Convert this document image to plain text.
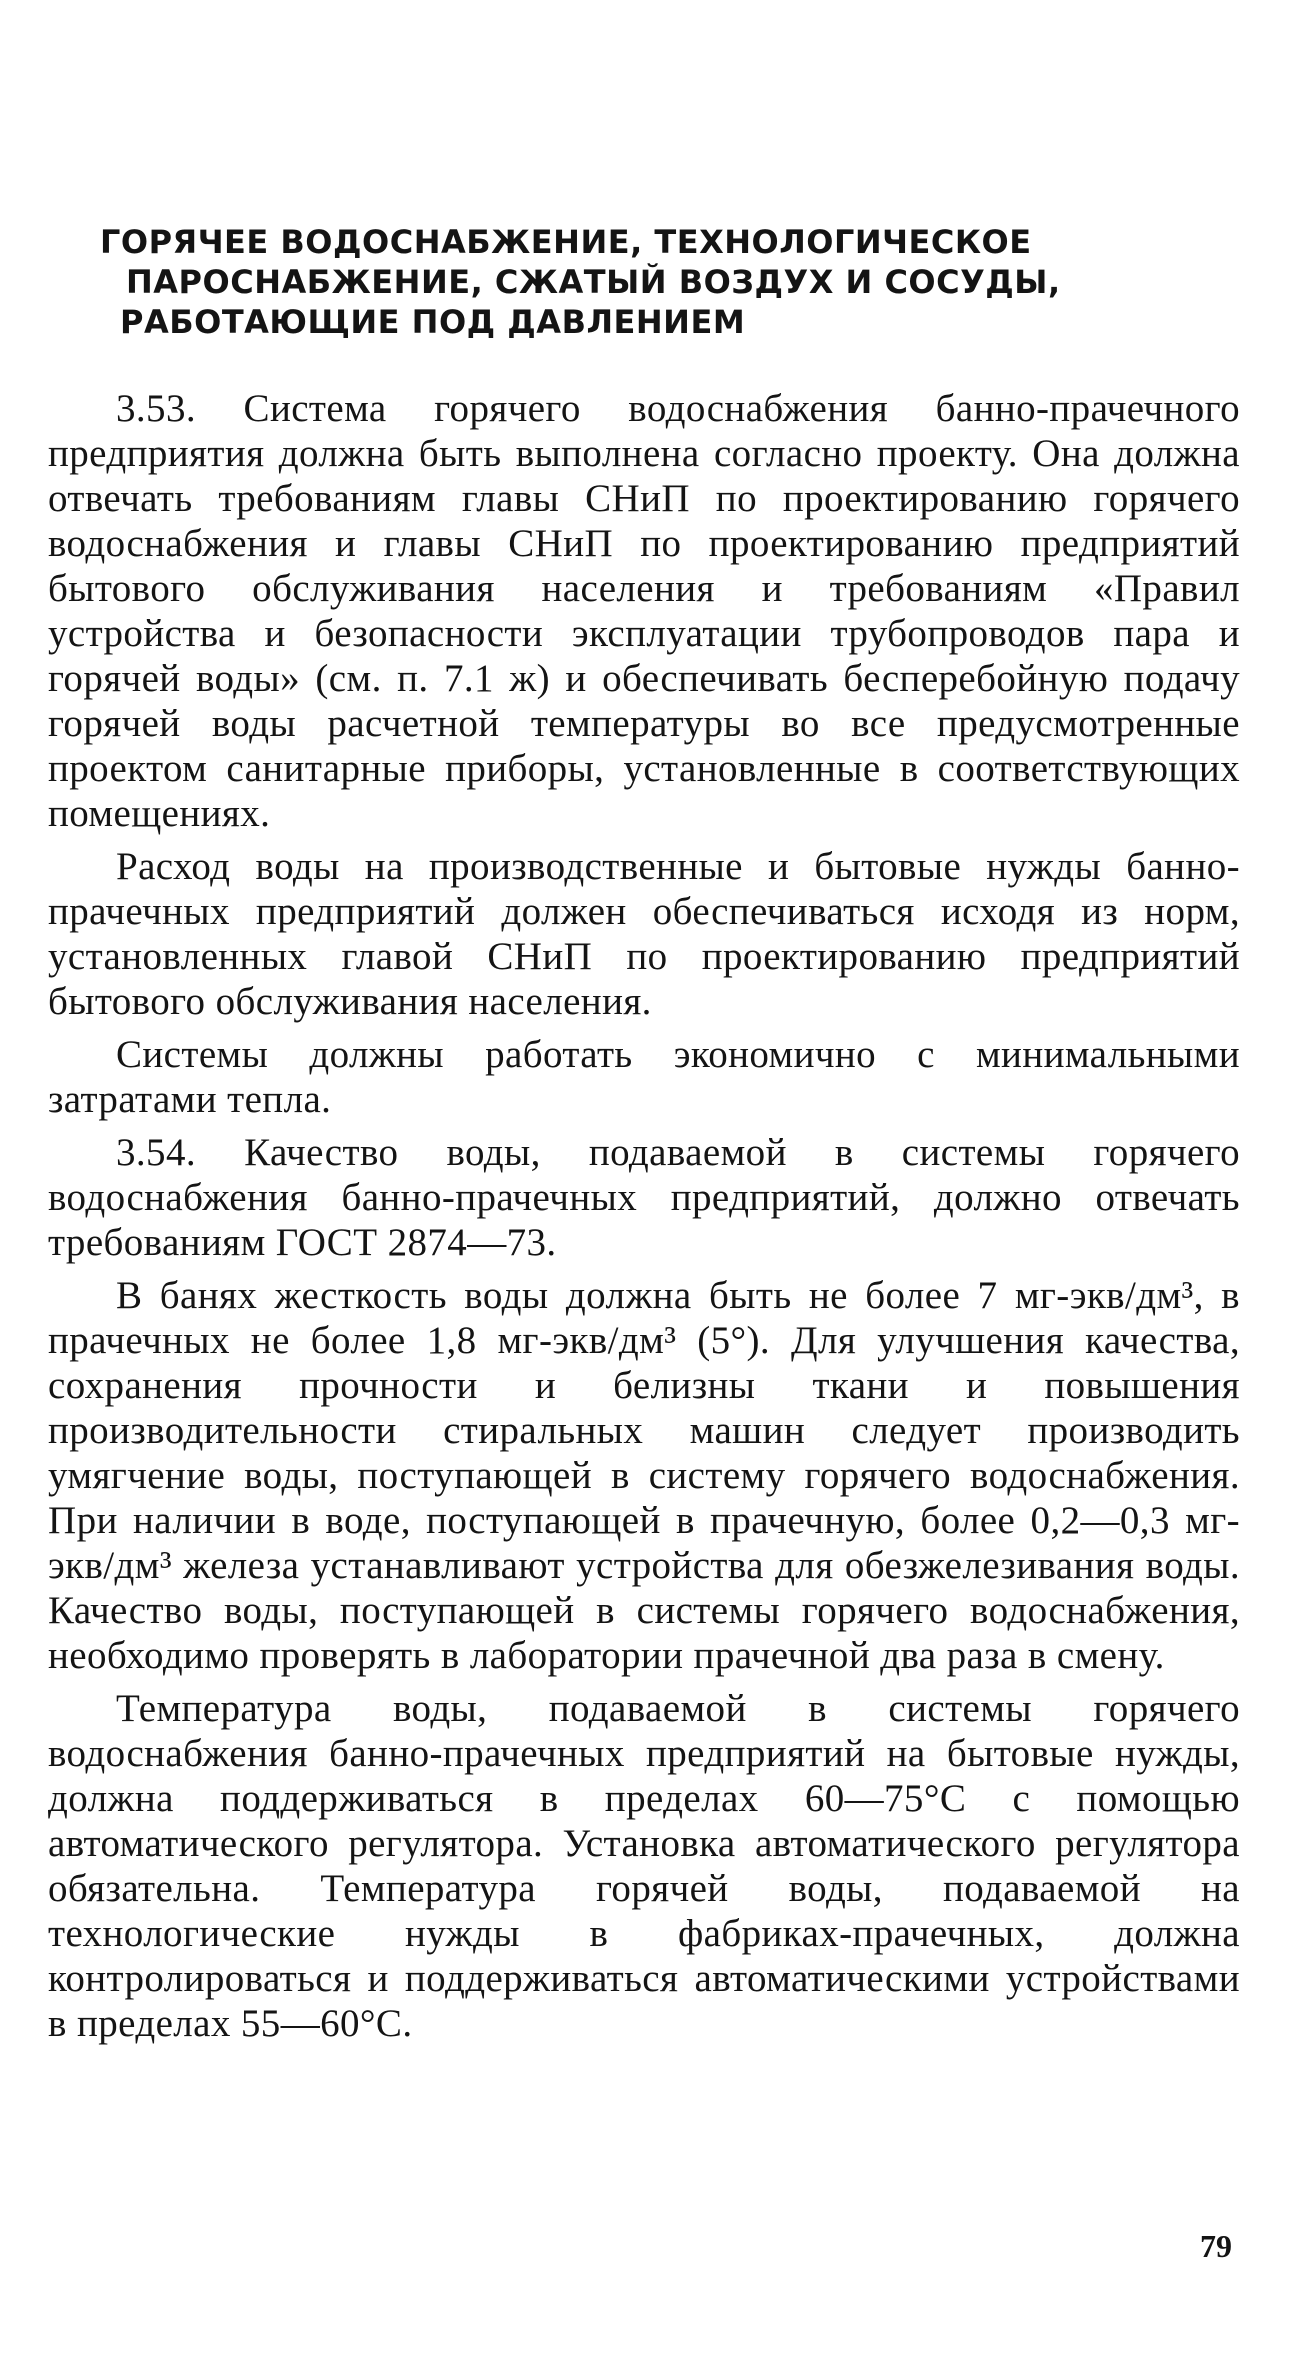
ГОРЯЧЕЕ ВОДОСНАБЖЕНИЕ, ТЕХНОЛОГИЧЕСКОЕ
ПАРОСНАБЖЕНИЕ, СЖАТЫЙ ВОЗДУХ И СОСУДЫ,
РАБОТАЮЩИЕ ПОД ДАВЛЕНИЕМ

3.53. Система горячего водоснабжения банно-прачечного предприятия должна быть выполнена согласно проекту. Она должна отвечать требованиям главы СНиП по проектированию горячего водоснабжения и главы СНиП по проектированию предприятий бытового обслуживания населения и требованиям «Правил устройства и безопасности эксплуатации трубопроводов пара и горячей воды» (см. п. 7.1 ж) и обеспечивать бесперебойную подачу горячей воды расчетной температуры во все предусмотренные проектом санитарные приборы, установленные в соответствующих помещениях.

Расход воды на производственные и бытовые нужды банно-прачечных предприятий должен обеспечиваться исходя из норм, установленных главой СНиП по проектированию предприятий бытового обслуживания населения.

Системы должны работать экономично с минимальными затратами тепла.

3.54. Качество воды, подаваемой в системы горячего водоснабжения банно-прачечных предприятий, должно отвечать требованиям ГОСТ 2874—73.

В банях жесткость воды должна быть не более 7 мг-экв/дм³, в прачечных не более 1,8 мг-экв/дм³ (5°). Для улучшения качества, сохранения прочности и белизны ткани и повышения производительности стиральных машин следует производить умягчение воды, поступающей в систему горячего водоснабжения. При наличии в воде, поступающей в прачечную, более 0,2—0,3 мг-экв/дм³ железа устанавливают устройства для обезжелезивания воды. Качество воды, поступающей в системы горячего водоснабжения, необходимо проверять в лаборатории прачечной два раза в смену.

Температура воды, подаваемой в системы горячего водоснабжения банно-прачечных предприятий на бытовые нужды, должна поддерживаться в пределах 60—75°С с помощью автоматического регулятора. Установка автоматического регулятора обязательна. Температура горячей воды, подаваемой на технологические нужды в фабриках-прачечных, должна контролироваться и поддерживаться автоматическими устройствами в пределах 55—60°С.

79
